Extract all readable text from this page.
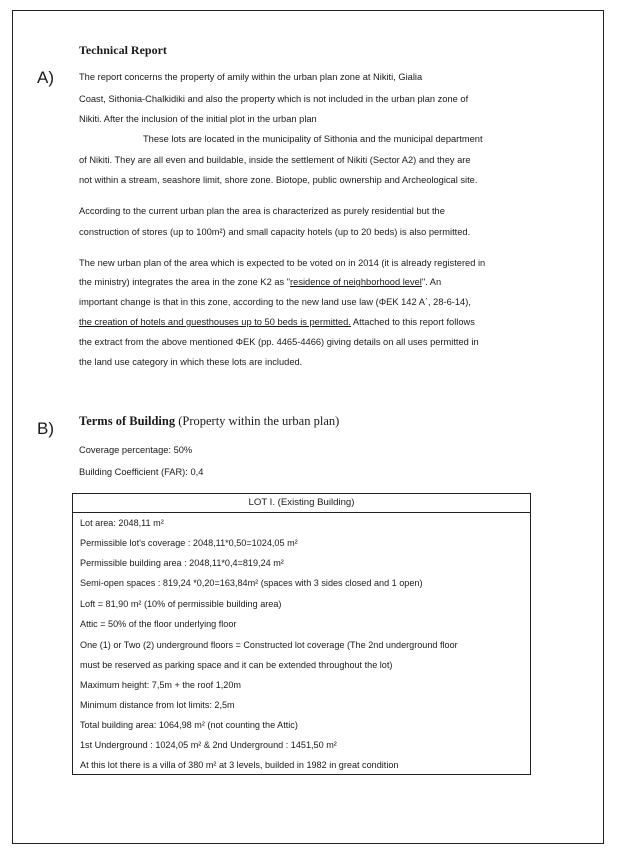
Technical Report
A)	The report concerns the property of amily within the urban plan zone at Nikiti, Gialia
Coast, Sithonia-Chalkidiki and also the property which is not included in the urban plan zone of
Nikiti. After the inclusion of the initial plot in the urban plan
These lots are located in the municipality of Sithonia and the municipal department
of Nikiti. They are all even and buildable, inside the settlement of Nikiti (Sector A2) and they are
not within a stream, seashore limit, shore zone. Biotope, public ownership and Archeological site.
According to the current urban plan the area is characterized as purely residential but the
construction of stores (up to 100m²) and small capacity hotels (up to 20 beds) is also permitted.
The new urban plan of the area which is expected to be voted on in 2014 (it is already registered in
the ministry) integrates the area in the zone K2 as "residence of neighborhood level". An
important change is that in this zone, according to the new land use law (ΦΕΚ 142 Α΄, 28-6-14),
the creation of hotels and guesthouses up to 50 beds is permitted. Attached to this report follows
the extract from the above mentioned ΦΕΚ (pp. 4465-4466) giving details on all uses permitted in
the land use category in which these lots are included.
B) Terms of Building (Property within the urban plan)
Coverage percentage: 50%
Building Coefficient (FAR): 0,4
LOT I. (Existing Building)
Lot area: 2048,11 m²
Permissible lot's coverage : 2048,11*0,50=1024,05 m²
Permissible building area : 2048,11*0,4=819,24 m²
Semi-open spaces : 819,24 *0,20=163,84m² (spaces with 3 sides closed and 1 open)
Loft = 81,90 m² (10% of permissible building area)
Attic = 50% of the floor underlying floor
One (1) or Two (2) underground floors = Constructed lot coverage (The 2nd underground floor
must be reserved as parking space and it can be extended throughout the lot)
Maximum height: 7,5m + the roof 1,20m
Minimum distance from lot limits: 2,5m
Total building area: 1064,98 m² (not counting the Attic)
1st Underground : 1024,05 m² & 2nd Underground : 1451,50 m²
At this lot there is a villa of 380 m² at 3 levels, builded in 1982 in great condition
